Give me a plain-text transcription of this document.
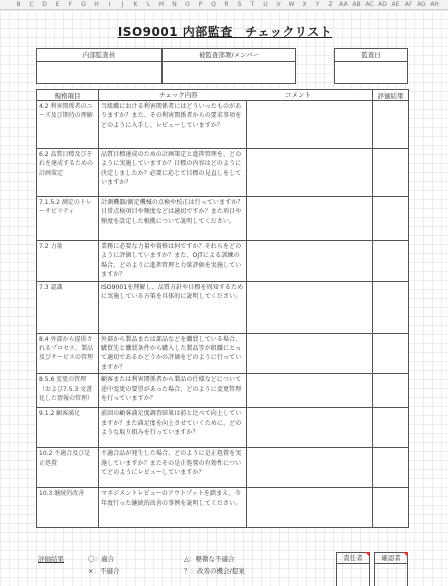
B	C	D	E	F	G	H	I	J	K	L	M	N	O	P	Q	R	S	T	U	V	W	X	Y	Z	AA AB AC AD AE AF AG AH
ISO9001 内部監査　チェックリスト
内部監査員	被監査部署/メンバー	監査日
規格項目	チェック内容 コメント		評価結果
4.2 利害関係者のニーズ及び期待の理解	当組織における利害関係者にはどういったものがありますか？また、その利害関係者からの要求事項をどのように入手し、レビューしていますか？		
6.2 品質目標及びそれを達成するための計画策定	品質目標達成のための計画策定と進捗管理を、どのように実施していますか？目標の内容はどのように決定しましたか？必要に応じて目標の見直しをしていますか？		
7.1.5.2 測定のトレーサビリティ	計測機器/測定機械の点検や校正は行っていますか？日常点検項目や頻度などは適切ですか？また項目や頻度を設定した根拠について説明してください。		
7.2 力量	業務に必要な力量や資格は何ですか？それらをどのように評価していますか？また、OJTによる訓練の場合、どのように進捗管理と力量評価を実施していますか？		
7.3 認識	ISO9001を理解し、品質方針や目標を周知するために実施している方策を具体的に説明してください。		
8.4 外部から提供されるプロセス、製品及びサービスの管理	外部から製品または部品などを購買している場合、購買先と購買条件から購入した製品等が組織にとって適切であるかどうかの評価をどのように行っていますか？		
8.5.6 変更の管理（および7.5.3 文書化した情報の管理）	顧客または利害関係者から製品の仕様などについて途中変更の要望があった場合、どのように変更管理を行っていますか？		
9.1.2 顧客満足	前回の顧客満足度調査結果は前と比べて向上していますか？また満足度を向上させていくために、どのような取り組みを行っていますか？		
10.2 不適合及び是正処置	不適合品が発生した場合、どのように是正処置を実施していますか？またその是正処置の有効性についてどのようにレビューしていますか？		
10.3 継続的改善	マネジメントレビューのアウトプットを踏まえ、今年度行った継続的改善の事例を説明してください。		
評価結果	〇：適合
×：不適合
△：軽微な不適合
？：改善の機会/提案
責任者	確認者
